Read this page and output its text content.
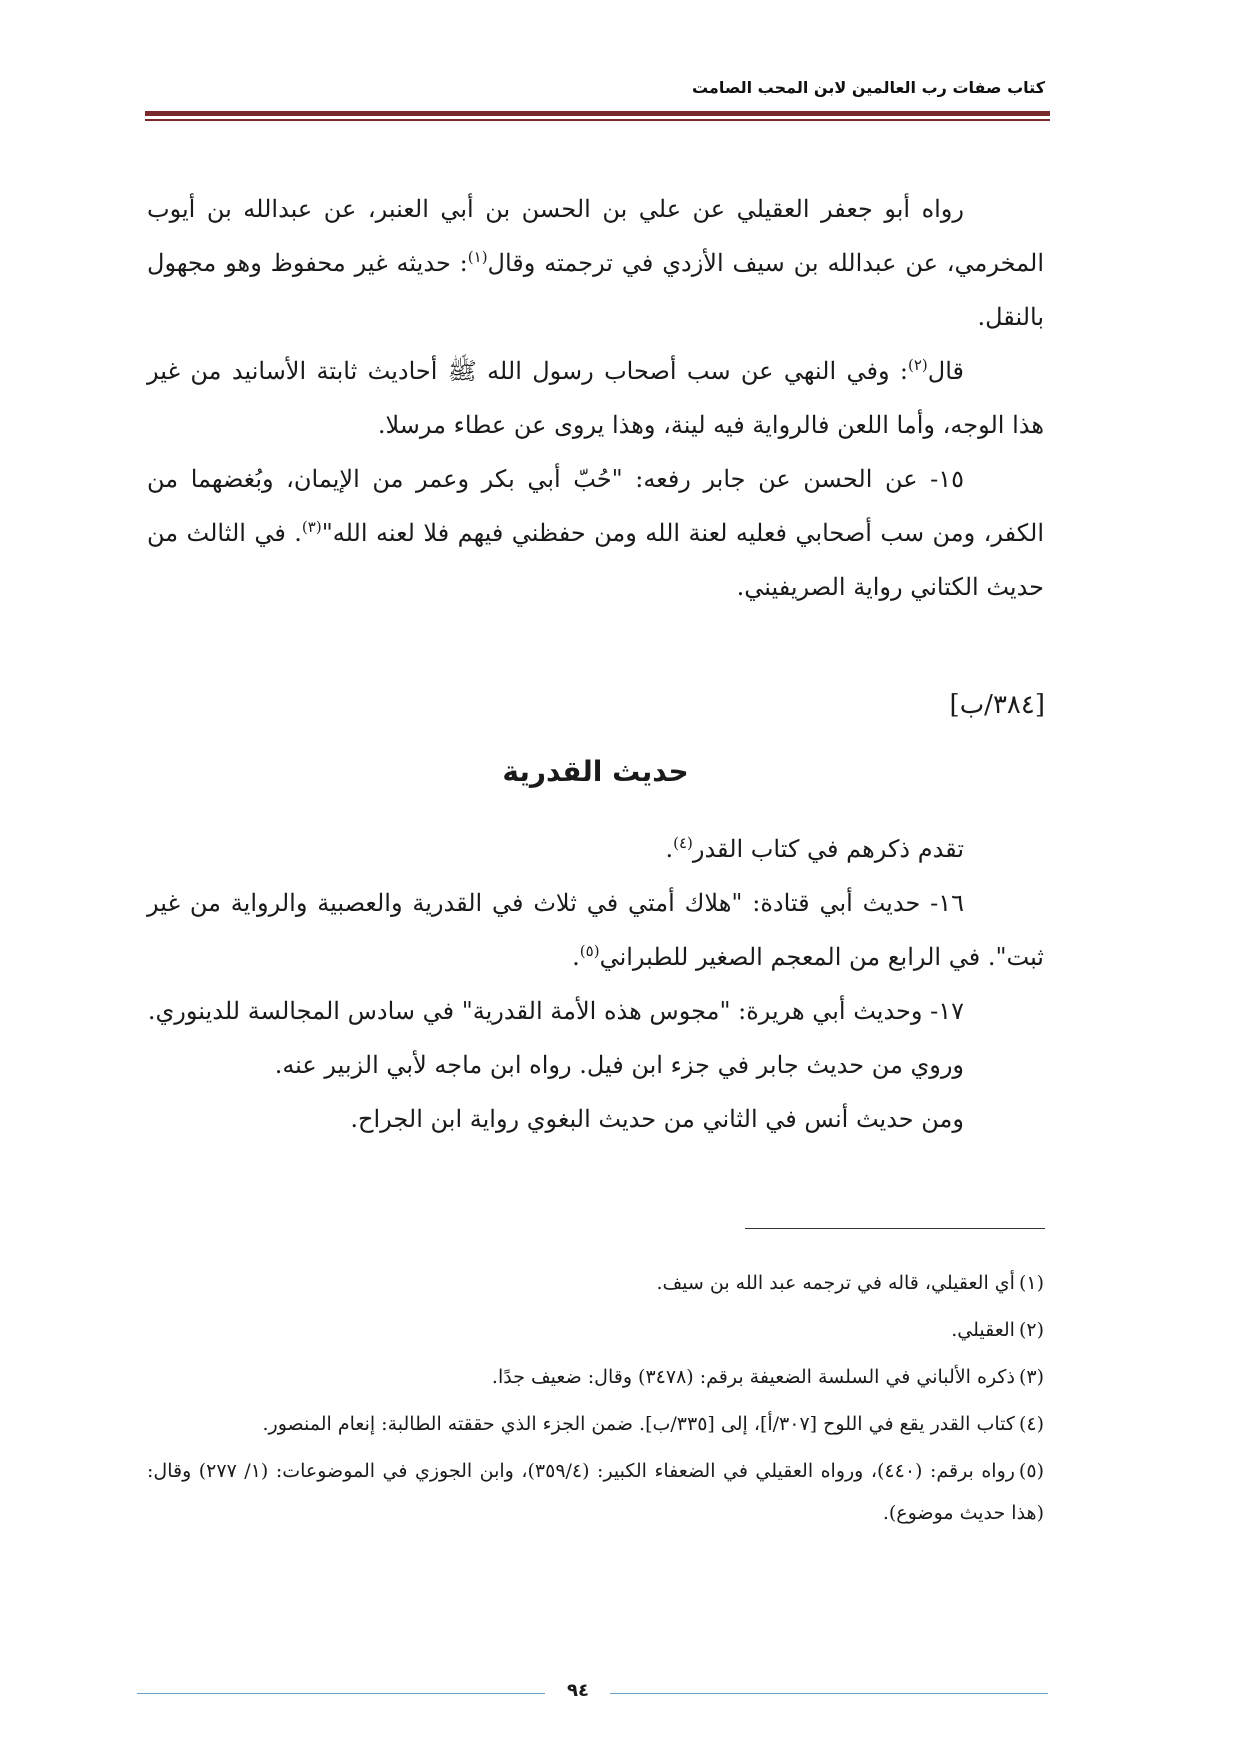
كتاب صفات رب العالمين لابن المحب الصامت

رواه أبو جعفر العقيلي عن علي بن الحسن بن أبي العنبر، عن عبدالله بن أيوب المخرمي، عن عبدالله بن سيف الأزدي في ترجمته وقال$^{(١)}$: حديثه غير محفوظ وهو مجهول بالنقل.

قال$^{(٢)}$: وفي النهي عن سب أصحاب رسول الله ﷺ أحاديث ثابتة الأسانيد من غير هذا الوجه، وأما اللعن فالرواية فيه لينة، وهذا يروى عن عطاء مرسلا.

١٥- عن الحسن عن جابر رفعه: "حُبّ أبي بكر وعمر من الإيمان، وبُغضهما من الكفر، ومن سب أصحابي فعليه لعنة الله ومن حفظني فيهم فلا لعنه الله"$^{(٣)}$. في الثالث من حديث الكتاني رواية الصريفيني.

[٣٨٤/ب]
حديث القدرية

تقدم ذكرهم في كتاب القدر$^{(٤)}$.

١٦- حديث أبي قتادة: "هلاك أمتي في ثلاث في القدرية والعصبية والرواية من غير ثبت". في الرابع من المعجم الصغير للطبراني$^{(٥)}$.

١٧- وحديث أبي هريرة: "مجوس هذه الأمة القدرية" في سادس المجالسة للدينوري.

وروي من حديث جابر في جزء ابن فيل. رواه ابن ماجه لأبي الزبير عنه.

ومن حديث أنس في الثاني من حديث البغوي رواية ابن الجراح.

(١)أي العقيلي، قاله في ترجمه عبد الله بن سيف.

(٢)العقيلي.

(٣)ذكره الألباني في السلسة الضعيفة برقم: (٣٤٧٨) وقال: ضعيف جدًا.

(٤)كتاب القدر يقع في اللوح [٣٠٧/أ]، إلى [٣٣٥/ب]. ضمن الجزء الذي حققته الطالبة: إنعام المنصور.

(٥)رواه برقم: (٤٤٠)، ورواه العقيلي في الضعفاء الكبير: (٣٥٩/٤)، وابن الجوزي في الموضوعات: (١/ ٢٧٧) وقال: (هذا حديث موضوع).

٩٤
